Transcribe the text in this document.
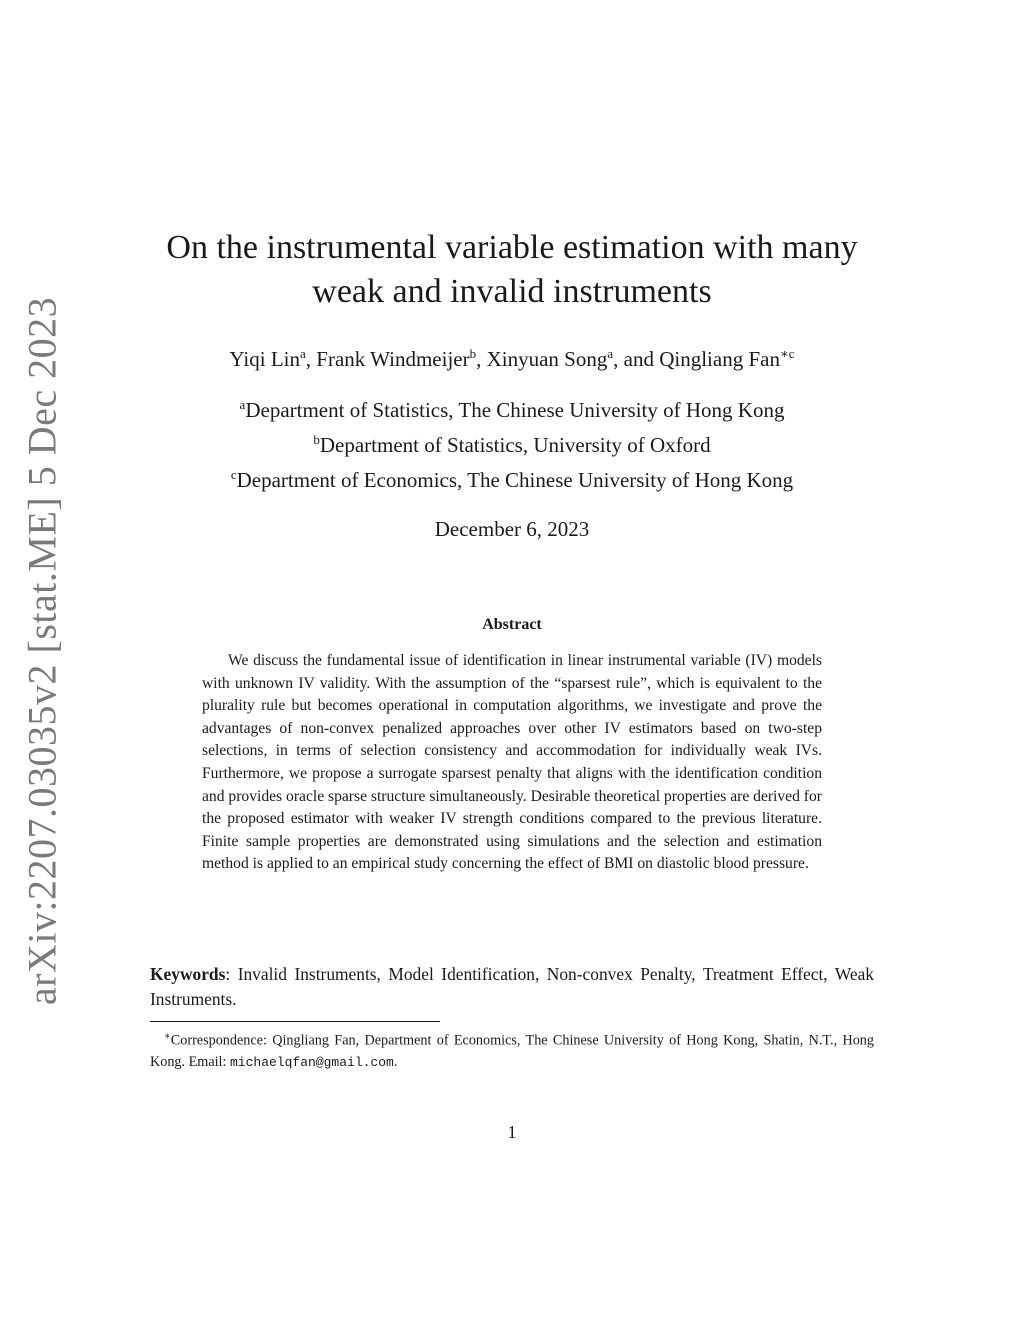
arXiv:2207.03035v2 [stat.ME] 5 Dec 2023
On the instrumental variable estimation with many
weak and invalid instruments
Yiqi Lin$^a$, Frank Windmeijer$^b$, Xinyuan Song$^a$, and Qingliang Fan$^{∗c}$
$^a$Department of Statistics, The Chinese University of Hong Kong
$^b$Department of Statistics, University of Oxford
$^c$Department of Economics, The Chinese University of Hong Kong
December 6, 2023
Abstract

We discuss the fundamental issue of identification in linear instrumental variable (IV) models with unknown IV validity. With the assumption of the “sparsest rule”, which is equivalent to the plurality rule but becomes operational in computation algorithms, we investigate and prove the advantages of non-convex penalized approaches over other IV estimators based on two-step selections, in terms of selection consistency and accommodation for individually weak IVs. Furthermore, we propose a surrogate sparsest penalty that aligns with the identification condition and provides oracle sparse structure simultaneously. Desirable theoretical properties are derived for the proposed estimator with weaker IV strength conditions compared to the previous literature. Finite sample properties are demonstrated using simulations and the selection and estimation method is applied to an empirical study concerning the effect of BMI on diastolic blood pressure.

Keywords: Invalid Instruments, Model Identification, Non-convex Penalty, Treatment Effect, Weak Instruments.

∗Correspondence: Qingliang Fan, Department of Economics, The Chinese University of Hong Kong, Shatin, N.T., Hong Kong. Email: michaelqfan@gmail.com.

1
